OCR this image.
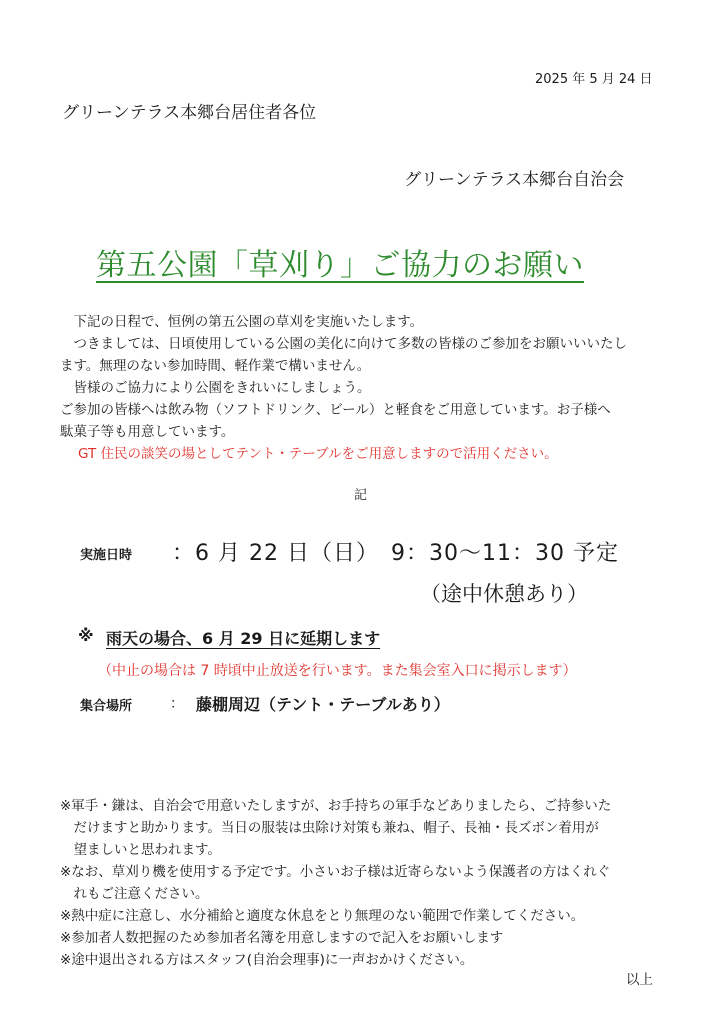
2025 年 5 月 24 日
グリーンテラス本郷台居住者各位
グリーンテラス本郷台自治会
第五公園「草刈り」ご協力のお願い
　下記の日程で、恒例の第五公園の草刈を実施いたします。
　つきましては、日頃使用している公園の美化に向けて多数の皆様のご参加をお願いいいたし
ます。無理のない参加時間、軽作業で構いません。
　皆様のご協力により公園をきれいにしましょう。
ご参加の皆様へは飲み物（ソフトドリンク、ビール）と軽食をご用意しています。お子様へ
駄菓子等も用意しています。
GT 住民の談笑の場としてテント・テーブルをご用意しますので活用ください。
記
実施日時 ：6 月 22 日（日）　9：30～11：30 予定
（途中休憩あり）
※ 雨天の場合、6 月 29 日に延期します
（中止の場合は 7 時頃中止放送を行います。また集会室入口に掲示します）
集合場所	： 藤棚周辺（テント・テーブルあり）
※軍手・鎌は、自治会で用意いたしますが、お手持ちの軍手などありましたら、ご持参いた
　だけますと助かります。当日の服装は虫除け対策も兼ね、帽子、長袖・長ズボン着用が
　望ましいと思われます。
※なお、草刈り機を使用する予定です。小さいお子様は近寄らないよう保護者の方はくれぐ
　れもご注意ください。
※熱中症に注意し、水分補給と適度な休息をとり無理のない範囲で作業してください。
※参加者人数把握のため参加者名簿を用意しますので記入をお願いします
※途中退出される方はスタッフ(自治会理事)に一声おかけください。
以上
